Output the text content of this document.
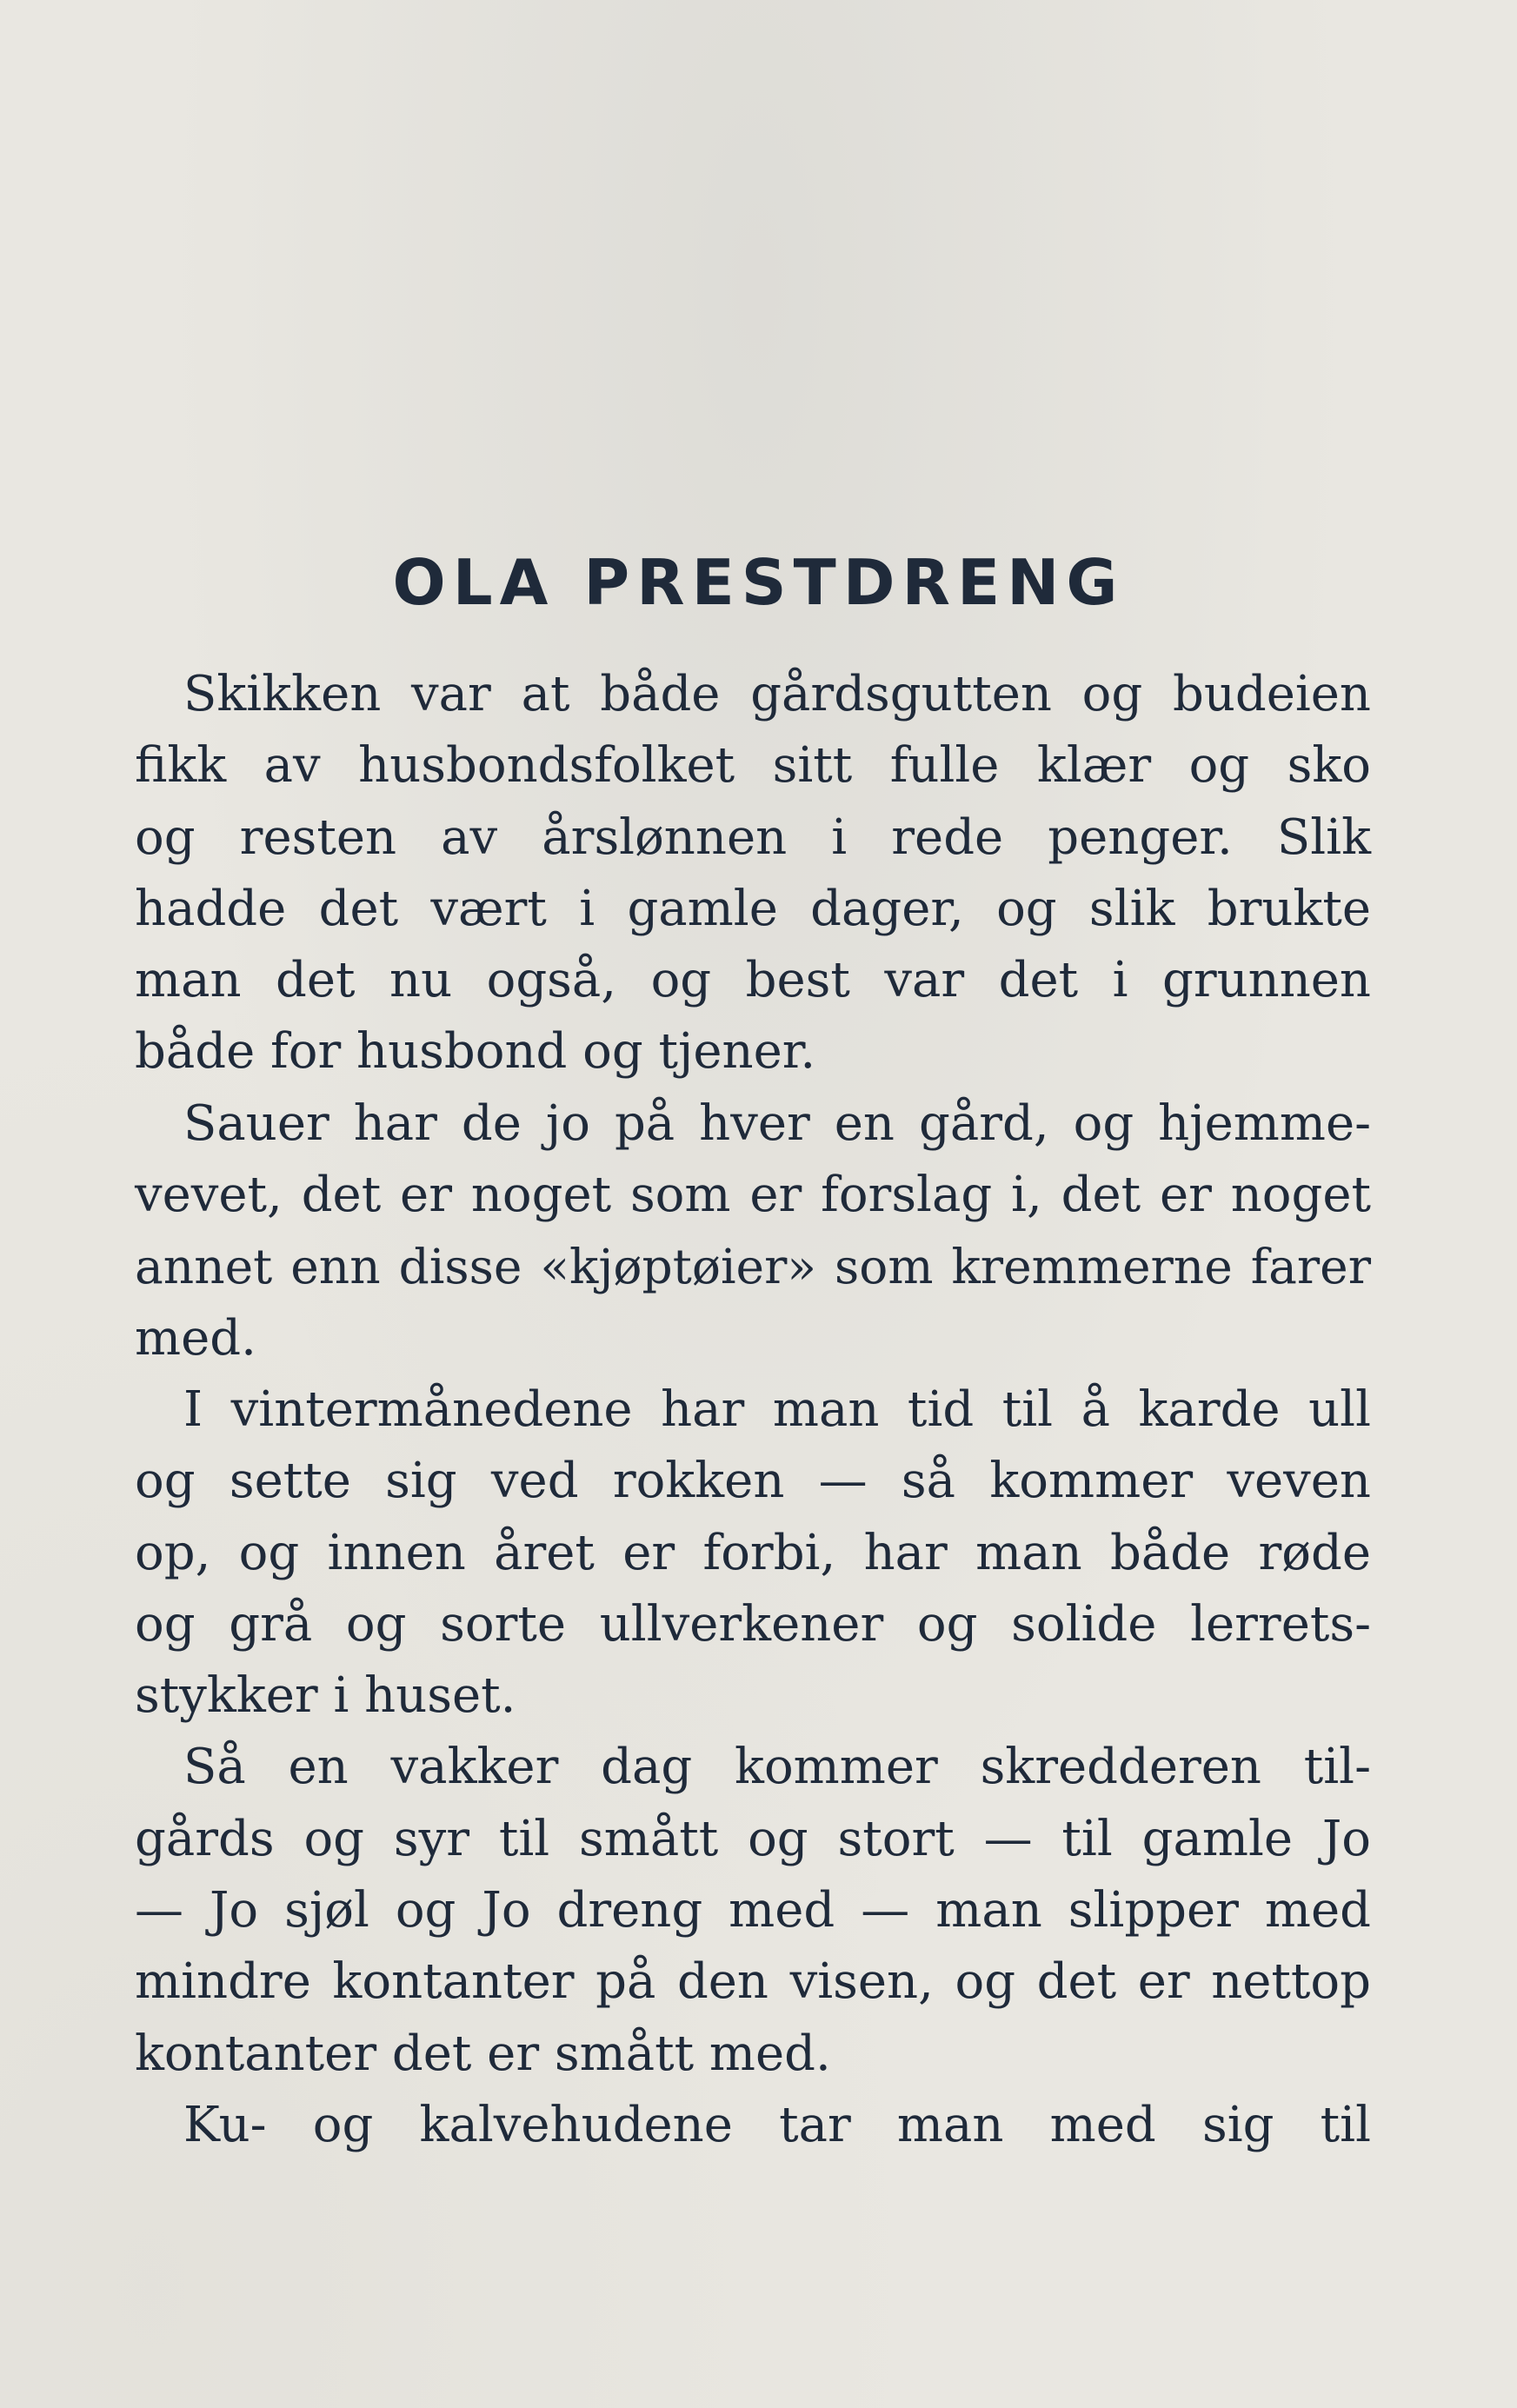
OLA PRESTDRENG
Skikken var at både gårdsgutten og budeien
fikk av husbondsfolket sitt fulle klær og sko
og resten av årslønnen i rede penger. Slik
hadde det vært i gamle dager, og slik brukte
man det nu også, og best var det i grunnen
både for husbond og tjener.
Sauer har de jo på hver en gård, og hjemme-
vevet, det er noget som er forslag i, det er noget
annet enn disse «kjøptøier» som kremmerne farer
med.
I vintermånedene har man tid til å karde ull
og sette sig ved rokken — så kommer veven
op, og innen året er forbi, har man både røde
og grå og sorte ullverkener og solide lerrets-
stykker i huset.
Så en vakker dag kommer skredderen til-
gårds og syr til smått og stort — til gamle Jo
— Jo sjøl og Jo dreng med — man slipper med
mindre kontanter på den visen, og det er nettop
kontanter det er smått med.
Ku- og kalvehudene tar man med sig til
